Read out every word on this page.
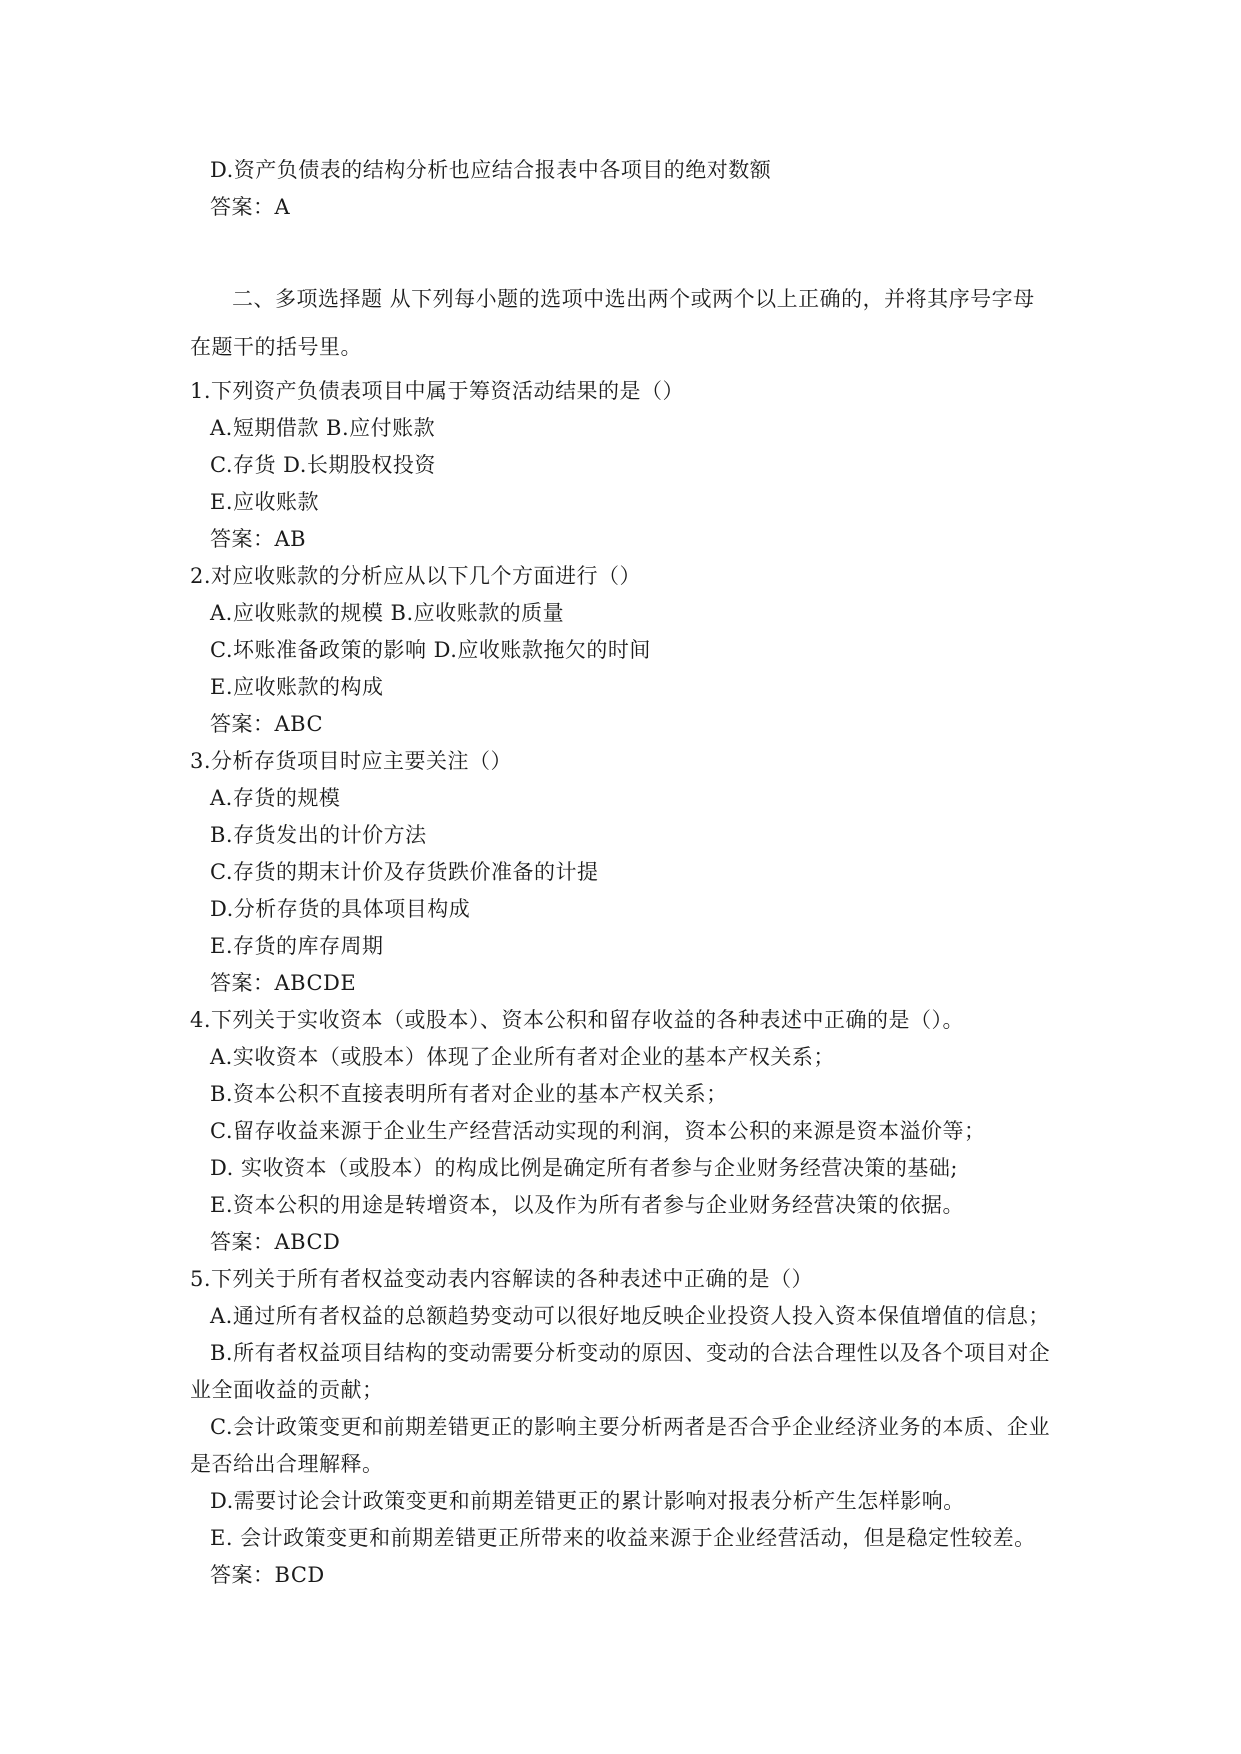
D.资产负债表的结构分析也应结合报表中各项目的绝对数额
答案：A
二、多项选择题 从下列每小题的选项中选出两个或两个以上正确的，并将其序号字母
在题干的括号里。
1.下列资产负债表项目中属于筹资活动结果的是（）
A.短期借款 B.应付账款
C.存货 D.长期股权投资
E.应收账款
答案：AB
2.对应收账款的分析应从以下几个方面进行（）
A.应收账款的规模 B.应收账款的质量
C.坏账准备政策的影响 D.应收账款拖欠的时间
E.应收账款的构成
答案：ABC
3.分析存货项目时应主要关注（）
A.存货的规模
B.存货发出的计价方法
C.存货的期末计价及存货跌价准备的计提
D.分析存货的具体项目构成
E.存货的库存周期
答案：ABCDE
4.下列关于实收资本（或股本）、资本公积和留存收益的各种表述中正确的是（）。
A.实收资本（或股本）体现了企业所有者对企业的基本产权关系；
B.资本公积不直接表明所有者对企业的基本产权关系；
C.留存收益来源于企业生产经营活动实现的利润，资本公积的来源是资本溢价等；
D. 实收资本（或股本）的构成比例是确定所有者参与企业财务经营决策的基础;
E.资本公积的用途是转增资本，以及作为所有者参与企业财务经营决策的依据。
答案：ABCD
5.下列关于所有者权益变动表内容解读的各种表述中正确的是（）
A.通过所有者权益的总额趋势变动可以很好地反映企业投资人投入资本保值增值的信息；
B.所有者权益项目结构的变动需要分析变动的原因、变动的合法合理性以及各个项目对企
业全面收益的贡献；
C.会计政策变更和前期差错更正的影响主要分析两者是否合乎企业经济业务的本质、企业
是否给出合理解释。
D.需要讨论会计政策变更和前期差错更正的累计影响对报表分析产生怎样影响。
E. 会计政策变更和前期差错更正所带来的收益来源于企业经营活动，但是稳定性较差。
答案：BCD
